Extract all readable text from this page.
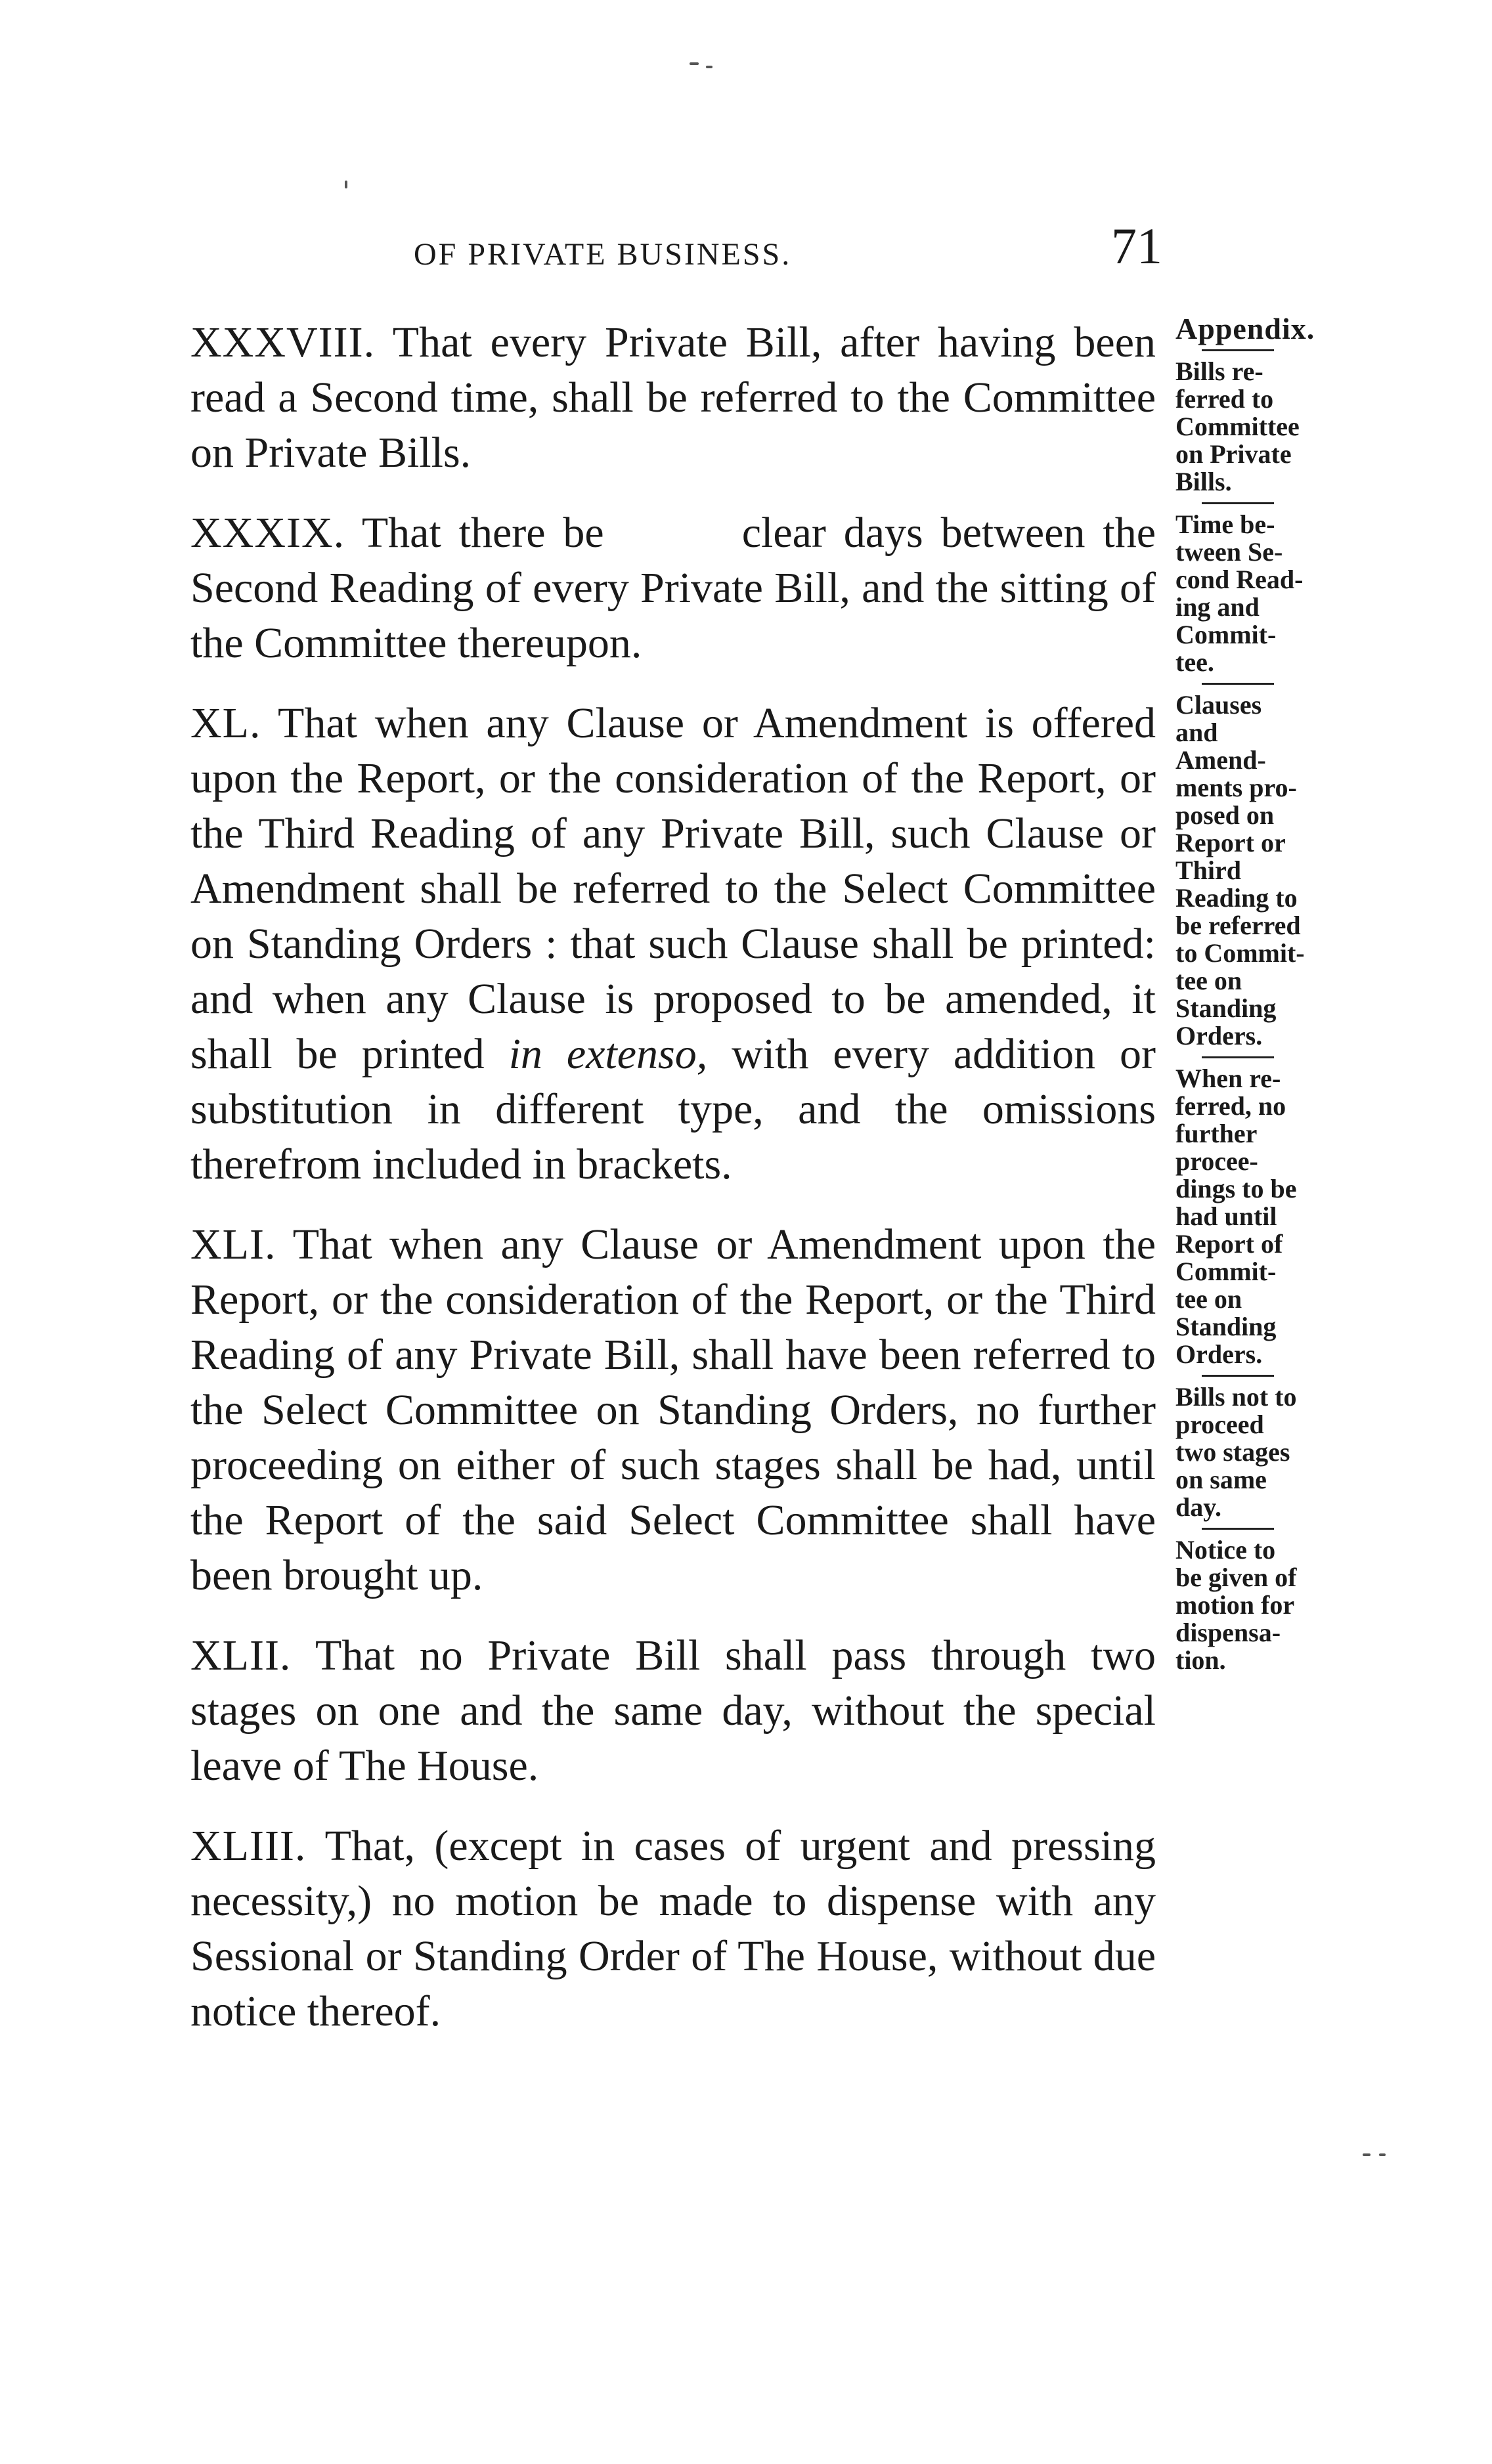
OF PRIVATE BUSINESS.	71

XXXVIII. That every Private Bill, after having been read a Second time, shall be referred to the Committee on Private Bills.

XXXIX. That there be	clear days between the Second Reading of every Private Bill, and the sitting of the Committee thereupon.

XL. That when any Clause or Amendment is offered upon the Report, or the consideration of the Report, or the Third Reading of any Private Bill, such Clause or Amendment shall be referred to the Select Committee on Standing Orders : that such Clause shall be printed: and when any Clause is proposed to be amended, it shall be printed in extenso, with every addition or substitution in different type, and the omissions therefrom included in brackets.

XLI. That when any Clause or Amendment upon the Report, or the consideration of the Report, or the Third Reading of any Private Bill, shall have been referred to the Select Committee on Standing Orders, no further proceeding on either of such stages shall be had, until the Report of the said Select Committee shall have been brought up.

XLII. That no Private Bill shall pass through two stages on one and the same day, without the special leave of The House.

XLIII. That, (except in cases of urgent and pressing necessity,) no motion be made to dispense with any Sessional or Standing Order of The House, without due notice thereof.

Appendix.
Bills re-
ferred to
Committee
on Private
Bills.
Time be-
tween Se-
cond Read-
ing and
Commit-
tee.
Clauses
and
Amend-
ments pro-
posed on
Report or
Third
Reading to
be referred
to Commit-
tee on
Standing
Orders.
When re-
ferred, no
further
procee-
dings to be
had until
Report of
Commit-
tee on
Standing
Orders.
Bills not to
proceed
two stages
on same
day.
Notice to
be given of
motion for
dispensa-
tion.
